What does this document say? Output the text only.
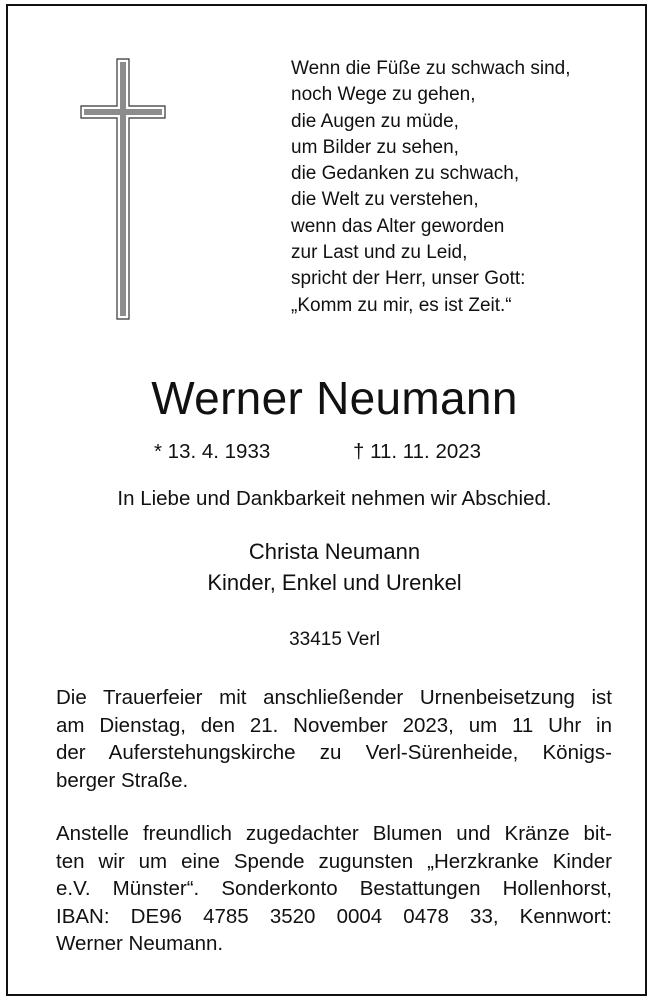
Wenn die Füße zu schwach sind,
noch Wege zu gehen,
die Augen zu müde,
um Bilder zu sehen,
die Gedanken zu schwach,
die Welt zu verstehen,
wenn das Alter geworden
zur Last und zu Leid,
spricht der Herr, unser Gott:
„Komm zu mir, es ist Zeit.“
Werner Neumann
* 13. 4. 1933	† 11. 11. 2023
In Liebe und Dankbarkeit nehmen wir Abschied.
Christa Neumann
Kinder, Enkel und Urenkel
33415 Verl
Die Trauerfeier mit anschließender Urnenbeisetzung ist
am Dienstag, den 21. November 2023, um 11 Uhr in
der Auferstehungskirche zu Verl-Sürenheide, Königs-
berger Straße.
Anstelle freundlich zugedachter Blumen und Kränze bit-
ten wir um eine Spende zugunsten „Herzkranke Kinder
e.V. Münster“. Sonderkonto Bestattungen Hollenhorst,
IBAN: DE96 4785 3520 0004 0478 33, Kennwort:
Werner Neumann.
